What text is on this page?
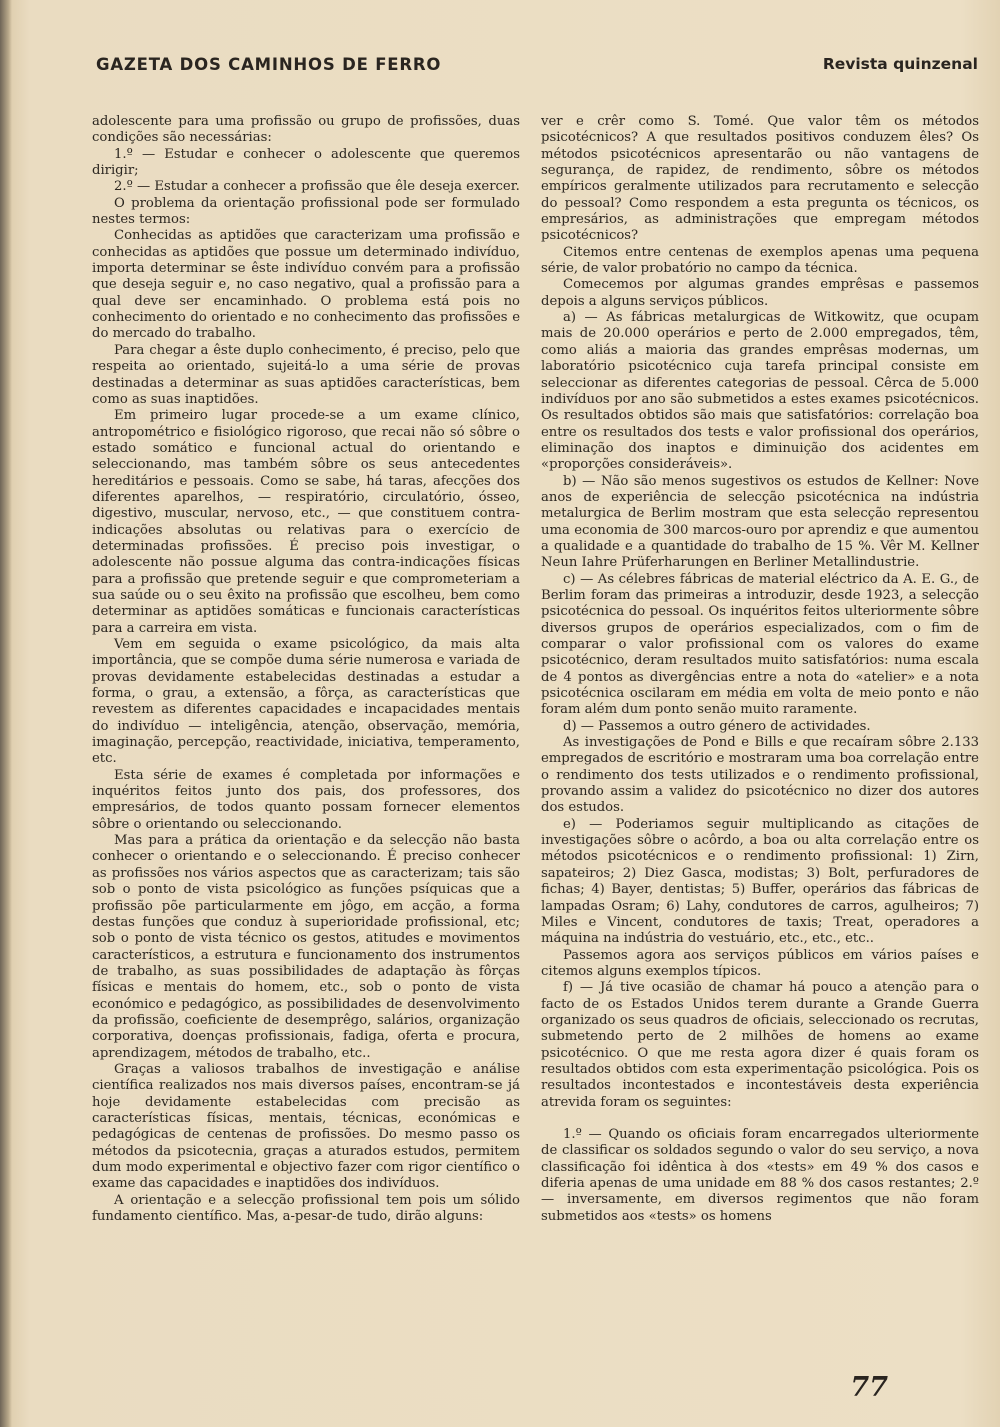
GAZETA DOS CAMINHOS DE FERRO	Revista quinzenal

adolescente para uma profissão ou grupo de profissões, duas condições são necessárias:

1.º — Estudar e conhecer o adolescente que queremos dirigir;

2.º — Estudar a conhecer a profissão que êle deseja exercer.

O problema da orientação profissional pode ser formulado nestes termos:

Conhecidas as aptidões que caracterizam uma profissão e conhecidas as aptidões que possue um determinado indivíduo, importa determinar se êste indivíduo convém para a profissão que deseja seguir e, no caso negativo, qual a profissão para a qual deve ser encaminhado. O problema está pois no conhecimento do orientado e no conhecimento das profissões e do mercado do trabalho.

Para chegar a êste duplo conhecimento, é preciso, pelo que respeita ao orientado, sujeitá-lo a uma série de provas destinadas a determinar as suas aptidões características, bem como as suas inaptidões.

Em primeiro lugar procede-se a um exame clínico, antropométrico e fisiológico rigoroso, que recai não só sôbre o estado somático e funcional actual do orientando e seleccionando, mas também sôbre os seus antecedentes hereditários e pessoais. Como se sabe, há taras, afecções dos diferentes aparelhos, — respiratório, circulatório, ósseo, digestivo, muscular, nervoso, etc., — que constituem contra-indicações absolutas ou relativas para o exercício de determinadas profissões. É preciso pois investigar, o adolescente não possue alguma das contra-indicações físicas para a profissão que pretende seguir e que comprometeriam a sua saúde ou o seu êxito na profissão que escolheu, bem como determinar as aptidões somáticas e funcionais características para a carreira em vista.

Vem em seguida o exame psicológico, da mais alta importância, que se compõe duma série numerosa e variada de provas devidamente estabelecidas destinadas a estudar a forma, o grau, a extensão, a fôrça, as características que revestem as diferentes capacidades e incapacidades mentais do indivíduo — inteligência, atenção, observação, memória, imaginação, percepção, reactividade, iniciativa, temperamento, etc.

Esta série de exames é completada por informações e inquéritos feitos junto dos pais, dos professores, dos empresários, de todos quanto possam fornecer elementos sôbre o orientando ou seleccionando.

Mas para a prática da orientação e da selecção não basta conhecer o orientando e o seleccionando. É preciso conhecer as profissões nos vários aspectos que as caracterizam; tais são sob o ponto de vista psicológico as funções psíquicas que a profissão põe particularmente em jôgo, em acção, a forma destas funções que conduz à superioridade profissional, etc; sob o ponto de vista técnico os gestos, atitudes e movimentos característicos, a estrutura e funcionamento dos instrumentos de trabalho, as suas possibilidades de adaptação às fôrças físicas e mentais do homem, etc., sob o ponto de vista económico e pedagógico, as possibilidades de desenvolvimento da profissão, coeficiente de desemprêgo, salários, organização corporativa, doenças profissionais, fadiga, oferta e procura, aprendizagem, métodos de trabalho, etc..

Graças a valiosos trabalhos de investigação e análise científica realizados nos mais diversos países, encontram-se já hoje devidamente estabelecidas com precisão as características físicas, mentais, técnicas, económicas e pedagógicas de centenas de profissões. Do mesmo passo os métodos da psicotecnia, graças a aturados estudos, permitem dum modo experimental e objectivo fazer com rigor científico o exame das capacidades e inaptidões dos indivíduos.

A orientação e a selecção profissional tem pois um sólido fundamento científico. Mas, a-pesar-de tudo, dirão alguns:

ver e crêr como S. Tomé. Que valor têm os métodos psicotécnicos? A que resultados positivos conduzem êles? Os métodos psicotécnicos apresentarão ou não vantagens de segurança, de rapidez, de rendimento, sôbre os métodos empíricos geralmente utilizados para recrutamento e selecção do pessoal? Como respondem a esta pregunta os técnicos, os empresários, as administrações que empregam métodos psicotécnicos?

Citemos entre centenas de exemplos apenas uma pequena série, de valor probatório no campo da técnica.

Comecemos por algumas grandes emprêsas e passemos depois a alguns serviços públicos.

a) — As fábricas metalurgicas de Witkowitz, que ocupam mais de 20.000 operários e perto de 2.000 empregados, têm, como aliás a maioria das grandes emprêsas modernas, um laboratório psicotécnico cuja tarefa principal consiste em seleccionar as diferentes categorias de pessoal. Cêrca de 5.000 indivíduos por ano são submetidos a estes exames psicotécnicos. Os resultados obtidos são mais que satisfatórios: correlação boa entre os resultados dos tests e valor profissional dos operários, eliminação dos inaptos e diminuição dos acidentes em «proporções consideráveis».

b) — Não são menos sugestivos os estudos de Kellner: Nove anos de experiência de selecção psicotécnica na indústria metalurgica de Berlim mostram que esta selecção representou uma economia de 300 marcos-ouro por aprendiz e que aumentou a qualidade e a quantidade do trabalho de 15 %. Vêr M. Kellner Neun Iahre Prüferharungen en Berliner Metallindustrie.

c) — As célebres fábricas de material eléctrico da A. E. G., de Berlim foram das primeiras a introduzir, desde 1923, a selecção psicotécnica do pessoal. Os inquéritos feitos ulteriormente sôbre diversos grupos de operários especializados, com o fim de comparar o valor profissional com os valores do exame psicotécnico, deram resultados muito satisfatórios: numa escala de 4 pontos as divergências entre a nota do «atelier» e a nota psicotécnica oscilaram em média em volta de meio ponto e não foram além dum ponto senão muito raramente.

d) — Passemos a outro género de actividades.

As investigações de Pond e Bills e que recaíram sôbre 2.133 empregados de escritório e mostraram uma boa correlação entre o rendimento dos tests utilizados e o rendimento profissional, provando assim a validez do psicotécnico no dizer dos autores dos estudos.

e) — Poderiamos seguir multiplicando as citações de investigações sôbre o acôrdo, a boa ou alta correlação entre os métodos psicotécnicos e o rendimento profissional: 1) Zirn, sapateiros; 2) Diez Gasca, modistas; 3) Bolt, perfuradores de fichas; 4) Bayer, dentistas; 5) Buffer, operários das fábricas de lampadas Osram; 6) Lahy, condutores de carros, agulheiros; 7) Miles e Vincent, condutores de taxis; Treat, operadores a máquina na indústria do vestuário, etc., etc., etc..

Passemos agora aos serviços públicos em vários países e citemos alguns exemplos típicos.

f) — Já tive ocasião de chamar há pouco a atenção para o facto de os Estados Unidos terem durante a Grande Guerra organizado os seus quadros de oficiais, seleccionado os recrutas, submetendo perto de 2 milhões de homens ao exame psicotécnico. O que me resta agora dizer é quais foram os resultados obtidos com esta experimentação psicológica. Pois os resultados incontestados e incontestáveis desta experiência atrevida foram os seguintes:

1.º — Quando os oficiais foram encarregados ulteriormente de classificar os soldados segundo o valor do seu serviço, a nova classificação foi idêntica à dos «tests» em 49 % dos casos e diferia apenas de uma unidade em 88 % dos casos restantes; 2.º — inversamente, em diversos regimentos que não foram submetidos aos «tests» os homens

77
